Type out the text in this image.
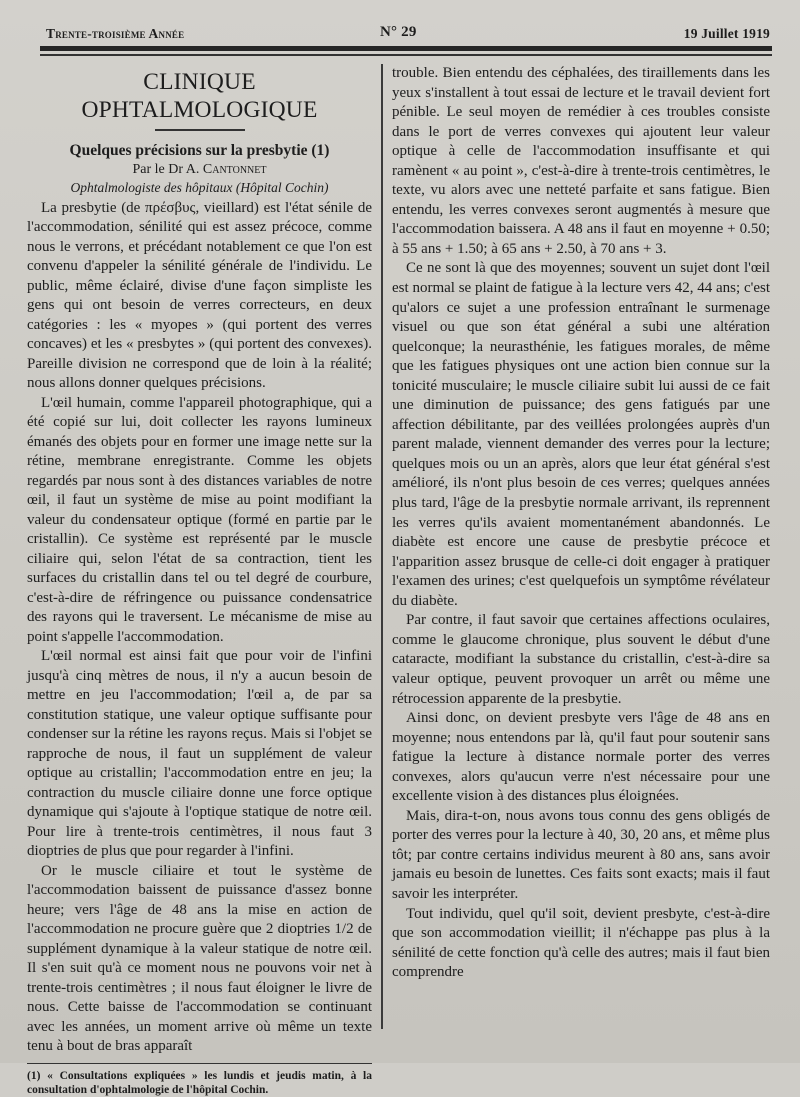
Trente-troisième Année	N° 29	19 Juillet 1919
CLINIQUE OPHTALMOLOGIQUE
Quelques précisions sur la presbytie (1)

Par le Dr A. Cantonnet

Ophtalmologiste des hôpitaux (Hôpital Cochin)

La presbytie (de πρέσβυς, vieillard) est l'état sénile de l'accommodation, sénilité qui est assez précoce, comme nous le verrons, et précédant notablement ce que l'on est convenu d'appeler la sénilité générale de l'individu. Le public, même éclairé, divise d'une façon simpliste les gens qui ont besoin de verres correcteurs, en deux catégories : les « myopes » (qui portent des verres concaves) et les « presbytes » (qui portent des convexes). Pareille division ne correspond que de loin à la réalité; nous allons donner quelques précisions.

L'œil humain, comme l'appareil photographique, qui a été copié sur lui, doit collecter les rayons lumineux émanés des objets pour en former une image nette sur la rétine, membrane enregistrante. Comme les objets regardés par nous sont à des distances variables de notre œil, il faut un système de mise au point modifiant la valeur du condensateur optique (formé en partie par le cristallin). Ce système est représenté par le muscle ciliaire qui, selon l'état de sa contraction, tient les surfaces du cristallin dans tel ou tel degré de courbure, c'est-à-dire de réfringence ou puissance condensatrice des rayons qui le traversent. Le mécanisme de mise au point s'appelle l'accommodation.

L'œil normal est ainsi fait que pour voir de l'infini jusqu'à cinq mètres de nous, il n'y a aucun besoin de mettre en jeu l'accommodation; l'œil a, de par sa constitution statique, une valeur optique suffisante pour condenser sur la rétine les rayons reçus. Mais si l'objet se rapproche de nous, il faut un supplément de valeur optique au cristallin; l'accommodation entre en jeu; la contraction du muscle ciliaire donne une force optique dynamique qui s'ajoute à l'optique statique de notre œil. Pour lire à trente-trois centimètres, il nous faut 3 dioptries de plus que pour regarder à l'infini.

Or le muscle ciliaire et tout le système de l'accommodation baissent de puissance d'assez bonne heure; vers l'âge de 48 ans la mise en action de l'accommodation ne procure guère que 2 dioptries 1/2 de supplément dynamique à la valeur statique de notre œil. Il s'en suit qu'à ce moment nous ne pouvons voir net à trente-trois centimètres ; il nous faut éloigner le livre de nous. Cette baisse de l'accommodation se continuant avec les années, un moment arrive où même un texte tenu à bout de bras apparaît

(1) « Consultations expliquées » les lundis et jeudis matin, à la consultation d'ophtalmologie de l'hôpital Cochin.

trouble. Bien entendu des céphalées, des tiraillements dans les yeux s'installent à tout essai de lecture et le travail devient fort pénible. Le seul moyen de remédier à ces troubles consiste dans le port de verres convexes qui ajoutent leur valeur optique à celle de l'accommodation insuffisante et qui ramènent « au point », c'est-à-dire à trente-trois centimètres, le texte, vu alors avec une netteté parfaite et sans fatigue. Bien entendu, les verres convexes seront augmentés à mesure que l'accommodation baissera. A 48 ans il faut en moyenne + 0.50; à 55 ans + 1.50; à 65 ans + 2.50, à 70 ans + 3.

Ce ne sont là que des moyennes; souvent un sujet dont l'œil est normal se plaint de fatigue à la lecture vers 42, 44 ans; c'est qu'alors ce sujet a une profession entraînant le surmenage visuel ou que son état général a subi une altération quelconque; la neurasthénie, les fatigues morales, de même que les fatigues physiques ont une action bien connue sur la tonicité musculaire; le muscle ciliaire subit lui aussi de ce fait une diminution de puissance; des gens fatigués par une affection débilitante, par des veillées prolongées auprès d'un parent malade, viennent demander des verres pour la lecture; quelques mois ou un an après, alors que leur état général s'est amélioré, ils n'ont plus besoin de ces verres; quelques années plus tard, l'âge de la presbytie normale arrivant, ils reprennent les verres qu'ils avaient momentanément abandonnés. Le diabète est encore une cause de presbytie précoce et l'apparition assez brusque de celle-ci doit engager à pratiquer l'examen des urines; c'est quelquefois un symptôme révélateur du diabète.

Par contre, il faut savoir que certaines affections oculaires, comme le glaucome chronique, plus souvent le début d'une cataracte, modifiant la substance du cristallin, c'est-à-dire sa valeur optique, peuvent provoquer un arrêt ou même une rétrocession apparente de la presbytie.

Ainsi donc, on devient presbyte vers l'âge de 48 ans en moyenne; nous entendons par là, qu'il faut pour soutenir sans fatigue la lecture à distance normale porter des verres convexes, alors qu'aucun verre n'est nécessaire pour une excellente vision à des distances plus éloignées.

Mais, dira-t-on, nous avons tous connu des gens obligés de porter des verres pour la lecture à 40, 30, 20 ans, et même plus tôt; par contre certains individus meurent à 80 ans, sans avoir jamais eu besoin de lunettes. Ces faits sont exacts; mais il faut savoir les interpréter.

Tout individu, quel qu'il soit, devient presbyte, c'est-à-dire que son accommodation vieillit; il n'échappe pas plus à la sénilité de cette fonction qu'à celle des autres; mais il faut bien comprendre
